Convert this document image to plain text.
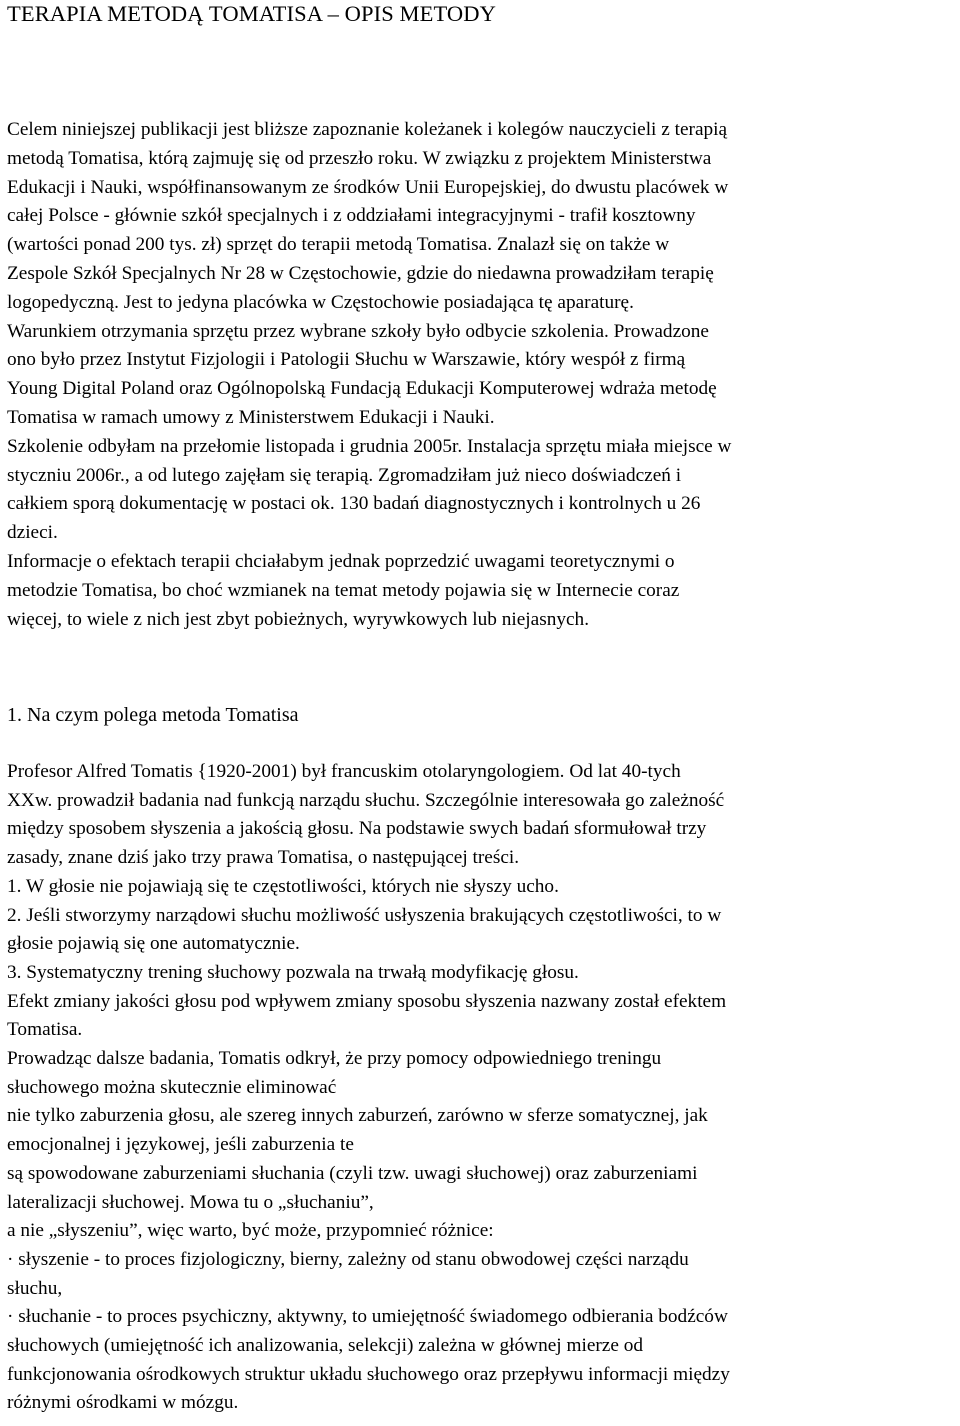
TERAPIA METODĄ TOMATISA – OPIS METODY
Celem niniejszej publikacji jest bliższe zapoznanie koleżanek i kolegów nauczycieli z terapią
metodą Tomatisa, którą zajmuję się od przeszło roku. W związku z projektem Ministerstwa
Edukacji i Nauki, współfinansowanym ze środków Unii Europejskiej, do dwustu placówek w
całej Polsce - głównie szkół specjalnych i z oddziałami integracyjnymi - trafił kosztowny
(wartości ponad 200 tys. zł) sprzęt do terapii metodą Tomatisa. Znalazł się on także w
Zespole Szkół Specjalnych Nr 28 w Częstochowie, gdzie do niedawna prowadziłam terapię
logopedyczną. Jest to jedyna placówka w Częstochowie posiadająca tę aparaturę.
Warunkiem otrzymania sprzętu przez wybrane szkoły było odbycie szkolenia. Prowadzone
ono było przez Instytut Fizjologii i Patologii Słuchu w Warszawie, który wespół z firmą
Young Digital Poland oraz Ogólnopolską Fundacją Edukacji Komputerowej wdraża metodę
Tomatisa w ramach umowy z Ministerstwem Edukacji i Nauki.
Szkolenie odbyłam na przełomie listopada i grudnia 2005r. Instalacja sprzętu miała miejsce w
styczniu 2006r., a od lutego zajęłam się terapią. Zgromadziłam już nieco doświadczeń i
całkiem sporą dokumentację w postaci ok. 130 badań diagnostycznych i kontrolnych u 26
dzieci.
Informacje o efektach terapii chciałabym jednak poprzedzić uwagami teoretycznymi o
metodzie Tomatisa, bo choć wzmianek na temat metody pojawia się w Internecie coraz
więcej, to wiele z nich jest zbyt pobieżnych, wyrywkowych lub niejasnych.
1. Na czym polega metoda Tomatisa
Profesor Alfred Tomatis {1920-2001) był francuskim otolaryngologiem. Od lat 40-tych
XXw. prowadził badania nad funkcją narządu słuchu. Szczególnie interesowała go zależność
między sposobem słyszenia a jakością głosu. Na podstawie swych badań sformułował trzy
zasady, znane dziś jako trzy prawa Tomatisa, o następującej treści.
1. W głosie nie pojawiają się te częstotliwości, których nie słyszy ucho.
2. Jeśli stworzymy narządowi słuchu możliwość usłyszenia brakujących częstotliwości, to w
głosie pojawią się one automatycznie.
3. Systematyczny trening słuchowy pozwala na trwałą modyfikację głosu.
Efekt zmiany jakości głosu pod wpływem zmiany sposobu słyszenia nazwany został efektem
Tomatisa.
Prowadząc dalsze badania, Tomatis odkrył, że przy pomocy odpowiedniego treningu
słuchowego można skutecznie eliminować
nie tylko zaburzenia głosu, ale szereg innych zaburzeń, zarówno w sferze somatycznej, jak
emocjonalnej i językowej, jeśli zaburzenia te
są spowodowane zaburzeniami słuchania (czyli tzw. uwagi słuchowej) oraz zaburzeniami
lateralizacji słuchowej. Mowa tu o „słuchaniu”,
a nie „słyszeniu”, więc warto, być może, przypomnieć różnice:
· słyszenie - to proces fizjologiczny, bierny, zależny od stanu obwodowej części narządu
słuchu,
· słuchanie - to proces psychiczny, aktywny, to umiejętność świadomego odbierania bodźców
słuchowych (umiejętność ich analizowania, selekcji) zależna w głównej mierze od
funkcjonowania ośrodkowych struktur układu słuchowego oraz przepływu informacji między
różnymi ośrodkami w mózgu.
